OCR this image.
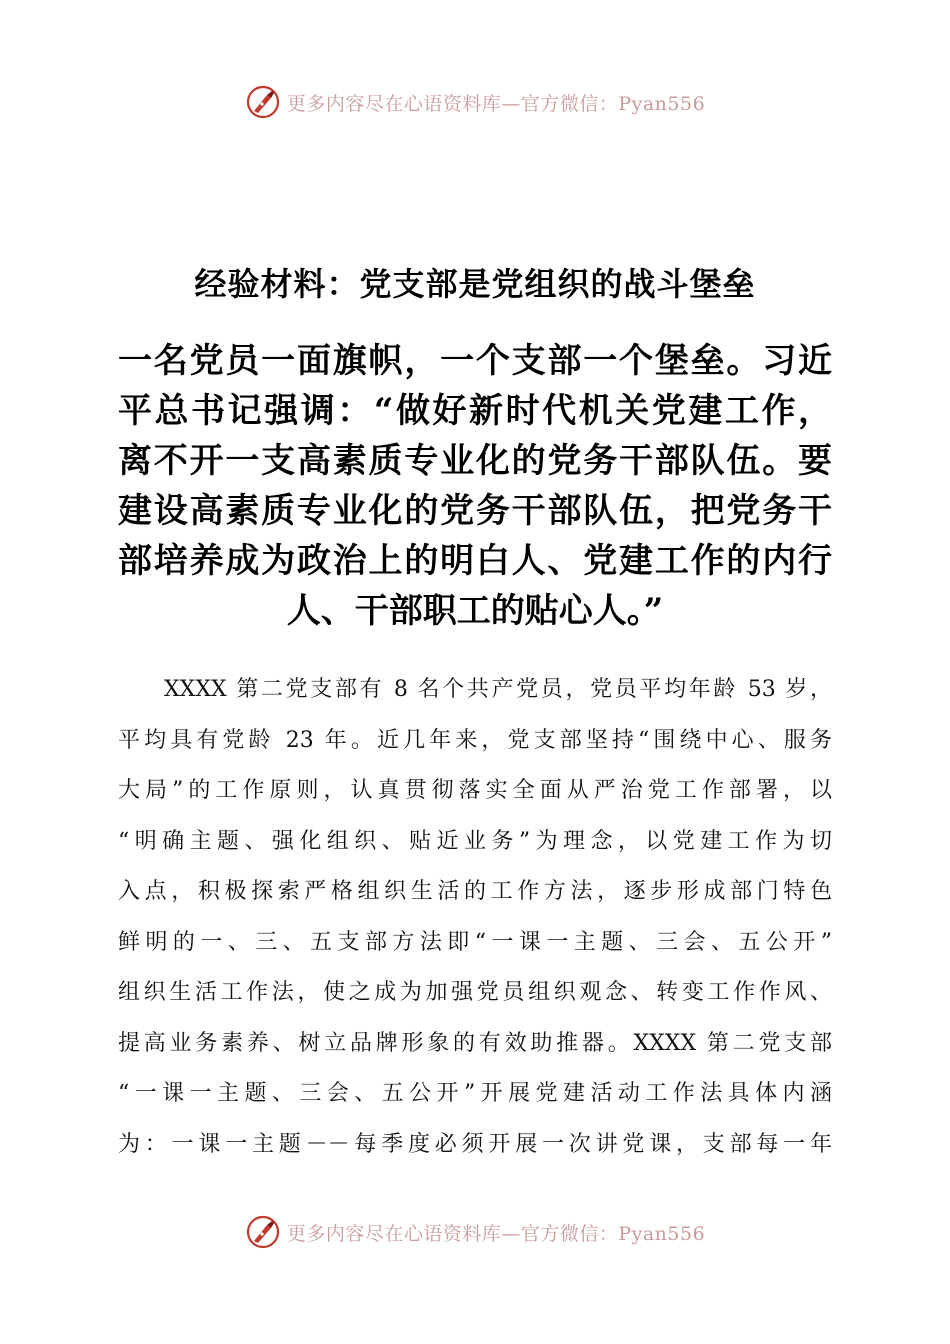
更多内容尽在心语资料库—官方微信：Pyan556
经验材料：党支部是党组织的战斗堡垒
一名党员一面旗帜，一个支部一个堡垒。习近
平总书记强调：“做好新时代机关党建工作，
离不开一支高素质专业化的党务干部队伍。要
建设高素质专业化的党务干部队伍，把党务干
部培养成为政治上的明白人、党建工作的内行
人、干部职工的贴心人。”
XXXX 第二党支部有 8 名个共产党员，党员平均年龄 53 岁，
平均具有党龄 23 年。近几年来，党支部坚持“围绕中心、服务
大局”的工作原则，认真贯彻落实全面从严治党工作部署，以
“明确主题、强化组织、贴近业务”为理念，以党建工作为切
入点，积极探索严格组织生活的工作方法，逐步形成部门特色
鲜明的一、三、五支部方法即“一课一主题、三会、五公开”
组织生活工作法，使之成为加强党员组织观念、转变工作作风、
提高业务素养、树立品牌形象的有效助推器。XXXX 第二党支部
“一课一主题、三会、五公开”开展党建活动工作法具体内涵
为：一课一主题－－每季度必须开展一次讲党课，支部每一年
更多内容尽在心语资料库—官方微信：Pyan556
